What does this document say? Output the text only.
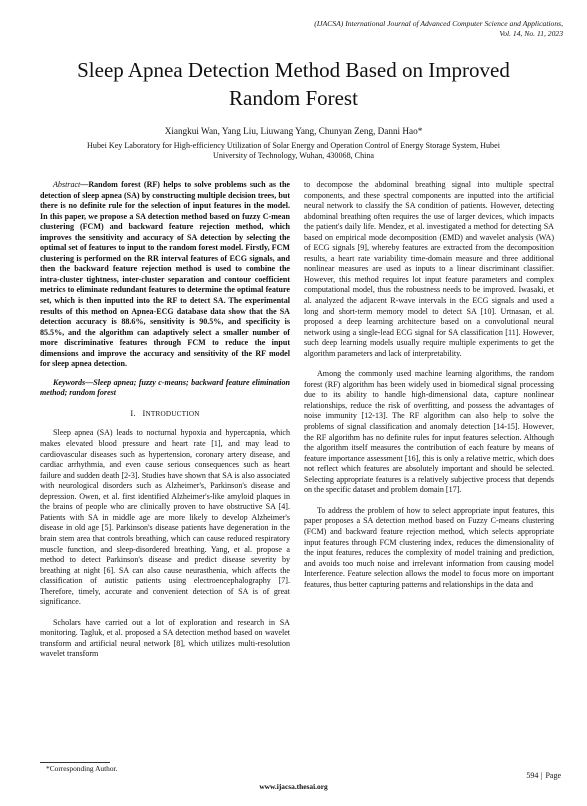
(IJACSA) International Journal of Advanced Computer Science and Applications,
Vol. 14, No. 11, 2023
Sleep Apnea Detection Method Based on Improved
Random Forest
Xiangkui Wan, Yang Liu, Liuwang Yang, Chunyan Zeng, Danni Hao*
Hubei Key Laboratory for High-efficiency Utilization of Solar Energy and Operation Control of Energy Storage System, Hubei
University of Technology, Wuhan, 430068, China

Abstract—Random forest (RF) helps to solve problems such as the detection of sleep apnea (SA) by constructing multiple decision trees, but there is no definite rule for the selection of input features in the model. In this paper, we propose a SA detection method based on fuzzy C-mean clustering (FCM) and backward feature rejection method, which improves the sensitivity and accuracy of SA detection by selecting the optimal set of features to input to the random forest model. Firstly, FCM clustering is performed on the RR interval features of ECG signals, and then the backward feature rejection method is used to combine the intra-cluster tightness, inter-cluster separation and contour coefficient metrics to eliminate redundant features to determine the optimal feature set, which is then inputted into the RF to detect SA. The experimental results of this method on Apnea-ECG database data show that the SA detection accuracy is 88.6%, sensitivity is 90.5%, and specificity is 85.5%, and the algorithm can adaptively select a smaller number of more discriminative features through FCM to reduce the input dimensions and improve the accuracy and sensitivity of the RF model for sleep apnea detection.

Keywords—Sleep apnea; fuzzy c-means; backward feature elimination method; random forest

I. INTRODUCTION

Sleep apnea (SA) leads to nocturnal hypoxia and hypercapnia, which makes elevated blood pressure and heart rate [1], and may lead to cardiovascular diseases such as hypertension, coronary artery disease, and cardiac arrhythmia, and even cause serious consequences such as heart failure and sudden death [2-3]. Studies have shown that SA is also associated with neurological disorders such as Alzheimer's, Parkinson's disease and depression. Owen, et al. first identified Alzheimer's-like amyloid plaques in the brains of people who are clinically proven to have obstructive SA [4]. Patients with SA in middle age are more likely to develop Alzheimer's disease in old age [5]. Parkinson's disease patients have degeneration in the brain stem area that controls breathing, which can cause reduced respiratory muscle function, and sleep-disordered breathing. Yang, et al. propose a method to detect Parkinson's disease and predict disease severity by breathing at night [6]. SA can also cause neurasthenia, which affects the classification of autistic patients using electroencephalography [7]. Therefore, timely, accurate and convenient detection of SA is of great significance.

Scholars have carried out a lot of exploration and research in SA monitoring. Tagluk, et al. proposed a SA detection method based on wavelet transform and artificial neural network [8], which utilizes multi-resolution wavelet transform

to decompose the abdominal breathing signal into multiple spectral components, and these spectral components are inputted into the artificial neural network to classify the SA condition of patients. However, detecting abdominal breathing often requires the use of larger devices, which impacts the patient's daily life. Mendez, et al. investigated a method for detecting SA based on empirical mode decomposition (EMD) and wavelet analysis (WA) of ECG signals [9], whereby features are extracted from the decomposition results, a heart rate variability time-domain measure and three additional nonlinear measures are used as inputs to a linear discriminant classifier. However, this method requires lot input feature parameters and complex computational model, thus the robustness needs to be improved. Iwasaki, et al. analyzed the adjacent R-wave intervals in the ECG signals and used a long and short-term memory model to detect SA [10]. Urtnasan, et al. proposed a deep learning architecture based on a convolutional neural network using a single-lead ECG signal for SA classification [11]. However, such deep learning models usually require multiple experiments to get the algorithm parameters and lack of interpretability.

Among the commonly used machine learning algorithms, the random forest (RF) algorithm has been widely used in biomedical signal processing due to its ability to handle high-dimensional data, capture nonlinear relationships, reduce the risk of overfitting, and possess the advantages of noise immunity [12-13]. The RF algorithm can also help to solve the problems of signal classification and anomaly detection [14-15]. However, the RF algorithm has no definite rules for input features selection. Although the algorithm itself measures the contribution of each feature by means of feature importance assessment [16], this is only a relative metric, which does not reflect which features are absolutely important and should be selected. Selecting appropriate features is a relatively subjective process that depends on the specific dataset and problem domain [17].

To address the problem of how to select appropriate input features, this paper proposes a SA detection method based on Fuzzy C-means clustering (FCM) and backward feature rejection method, which selects appropriate input features through FCM clustering index, reduces the dimensionality of the input features, reduces the complexity of model training and prediction, and avoids too much noise and irrelevant information from causing model Interference. Feature selection allows the model to focus more on important features, thus better capturing patterns and relationships in the data and

*Corresponding Author.
594 | Page
www.ijacsa.thesai.org
